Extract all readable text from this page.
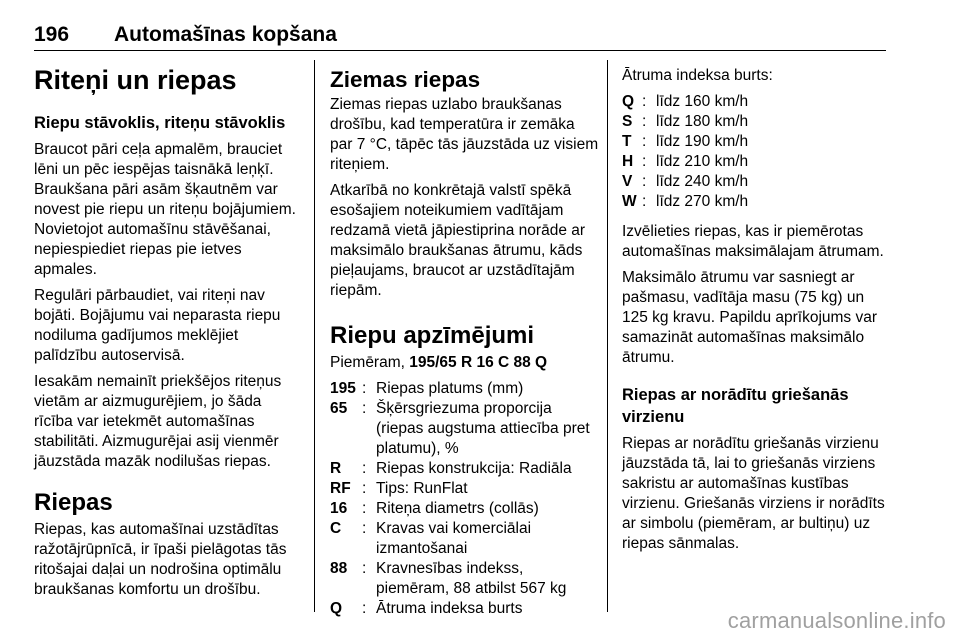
196 Automašīnas kopšana
Riteņi un riepas
Riepu stāvoklis, riteņu stāvoklis
Braucot pāri ceļa apmalēm, brauciet lēni un pēc iespējas taisnākā leņķī. Braukšana pāri asām šķautnēm var novest pie riepu un riteņu bojājumiem. Novietojot automašīnu stāvēšanai, nepiespiediet riepas pie ietves apmales.
Regulāri pārbaudiet, vai riteņi nav bojāti. Bojājumu vai neparasta riepu nodiluma gadījumos meklējiet palīdzību autoservisā.
Iesakām nemainīt priekšējos riteņus vietām ar aizmugurējiem, jo šāda rīcība var ietekmēt automašīnas stabilitāti. Aizmugurējai asij vienmēr jāuzstāda mazāk nodilušas riepas.
Riepas
Riepas, kas automašīnai uzstādītas ražotājrūpnīcā, ir īpaši pielāgotas tās ritošajai daļai un nodrošina optimālu braukšanas komfortu un drošību.
Ziemas riepas
Ziemas riepas uzlabo braukšanas drošību, kad temperatūra ir zemāka par 7 °C, tāpēc tās jāuzstāda uz visiem riteņiem.
Atkarībā no konkrētajā valstī spēkā esošajiem noteikumiem vadītājam redzamā vietā jāpiestiprina norāde ar maksimālo braukšanas ātrumu, kāds pieļaujams, braucot ar uzstādītajām riepām.
Riepu apzīmējumi
Piemēram, 195/65 R 16 C 88 Q
195 : Riepas platums (mm)
65 : Šķērsgriezuma proporcija (riepas augstuma attiecība pret platumu), %
R	: Riepas konstrukcija: Radiāla
RF : Tips: RunFlat
16 : Riteņa diametrs (collās)
C	: Kravas vai komerciālai izmantošanai
88 : Kravnesības indekss, piemēram, 88 atbilst 567 kg
Q	: Ātruma indeksa burts
Ātruma indeksa burts:
Q : līdz 160 km/h
S : līdz 180 km/h
T : līdz 190 km/h
H : līdz 210 km/h
V : līdz 240 km/h
W : līdz 270 km/h
Izvēlieties riepas, kas ir piemērotas automašīnas maksimālajam ātrumam.
Maksimālo ātrumu var sasniegt ar pašmasu, vadītāja masu (75 kg) un 125 kg kravu. Papildu aprīkojums var samazināt automašīnas maksimālo ātrumu.
Riepas ar norādītu griešanās virzienu
Riepas ar norādītu griešanās virzienu jāuzstāda tā, lai to griešanās virziens sakristu ar automašīnas kustības virzienu. Griešanās virziens ir norādīts ar simbolu (piemēram, ar bultiņu) uz riepas sānmalas.
carmanualsonline.info
